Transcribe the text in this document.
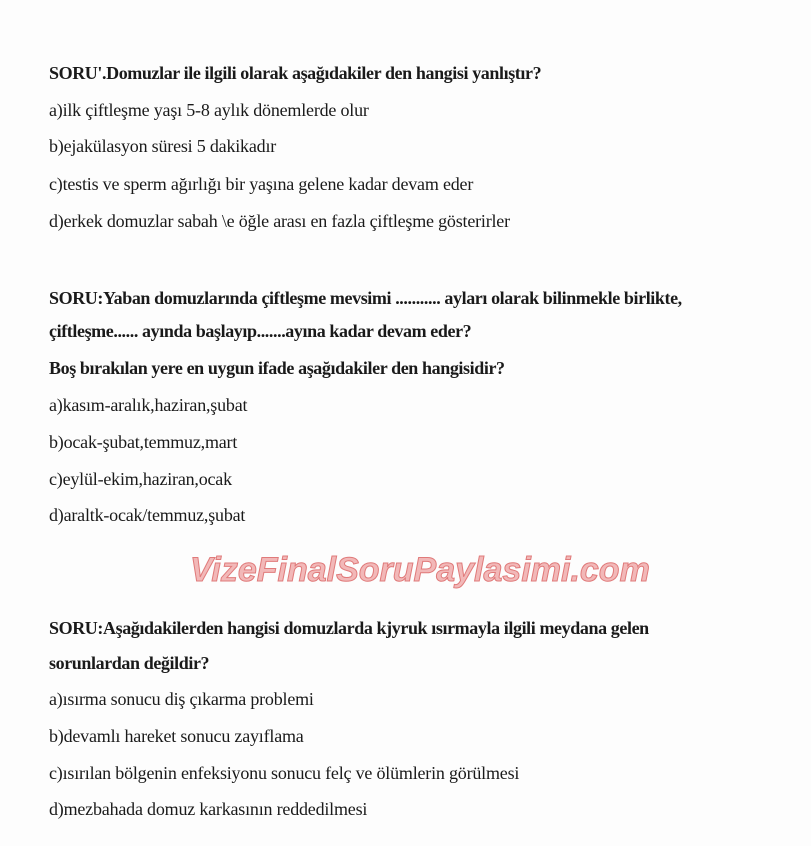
VizeFinalSoruPaylasimi.com
SORU'.Domuzlar ile ilgili olarak aşağıdakiler den hangisi yanlıştır?
a)ilk çiftleşme yaşı 5-8 aylık dönemlerde olur
b)ejakülasyon süresi 5 dakikadır
c)testis ve sperm ağırlığı bir yaşına gelene kadar devam eder
d)erkek domuzlar sabah \e öğle arası en fazla çiftleşme gösterirler
SORU:Yaban domuzlarında çiftleşme mevsimi ........... ayları olarak bilinmekle birlikte,
çiftleşme...... ayında başlayıp.......ayına kadar devam eder?
Boş bırakılan yere en uygun ifade aşağıdakiler den hangisidir?
a)kasım-aralık,haziran,şubat
b)ocak-şubat,temmuz,mart
c)eylül-ekim,haziran,ocak
d)araltk-ocak/temmuz,şubat
SORU:Aşağıdakilerden hangisi domuzlarda kjyruk ısırmayla ilgili meydana gelen
sorunlardan değildir?
a)ısırma sonucu diş çıkarma problemi
b)devamlı hareket sonucu zayıflama
c)ısırılan bölgenin enfeksiyonu sonucu felç ve ölümlerin görülmesi
d)mezbahada domuz karkasının reddedilmesi
